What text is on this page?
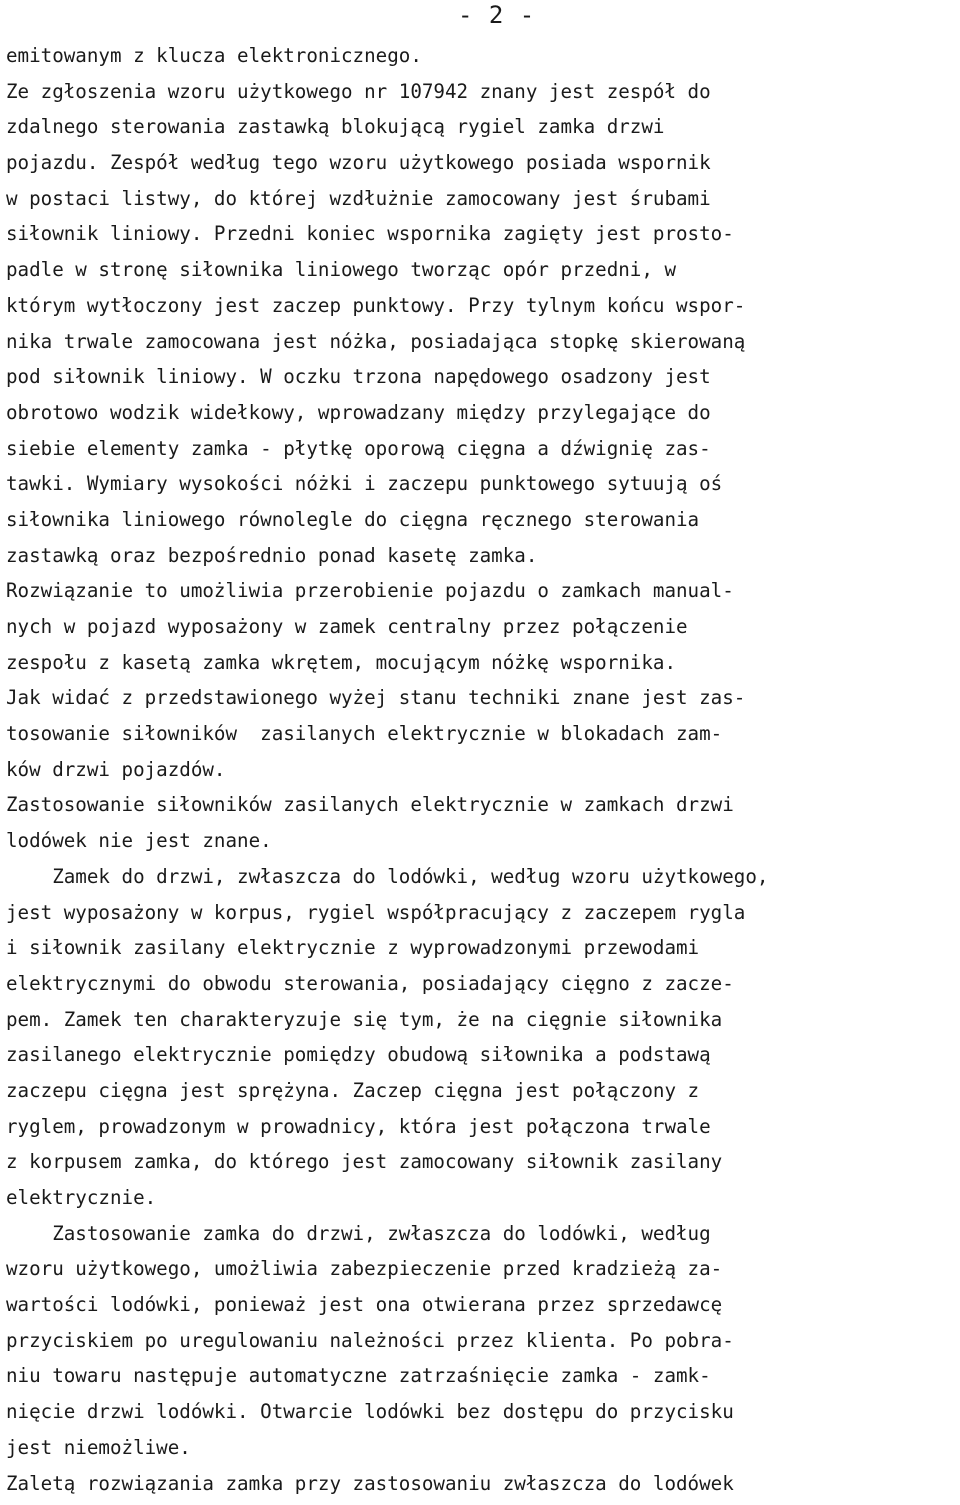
- 2 -
emitowanym z klucza elektronicznego.
Ze zgłoszenia wzoru użytkowego nr 107942 znany jest zespół do
zdalnego sterowania zastawką blokującą rygiel zamka drzwi
pojazdu. Zespół według tego wzoru użytkowego posiada wspornik
w postaci listwy, do której wzdłużnie zamocowany jest śrubami
siłownik liniowy. Przedni koniec wspornika zagięty jest prosto-
padle w stronę siłownika liniowego tworząc opór przedni, w
którym wytłoczony jest zaczep punktowy. Przy tylnym końcu wspor-
nika trwale zamocowana jest nóżka, posiadająca stopkę skierowaną
pod siłownik liniowy. W oczku trzona napędowego osadzony jest
obrotowo wodzik widełkowy, wprowadzany między przylegające do
siebie elementy zamka - płytkę oporową cięgna a dźwignię zas-
tawki. Wymiary wysokości nóżki i zaczepu punktowego sytuują oś
siłownika liniowego równolegle do cięgna ręcznego sterowania
zastawką oraz bezpośrednio ponad kasetę zamka.
Rozwiązanie to umożliwia przerobienie pojazdu o zamkach manual-
nych w pojazd wyposażony w zamek centralny przez połączenie
zespołu z kasetą zamka wkrętem, mocującym nóżkę wspornika.
Jak widać z przedstawionego wyżej stanu techniki znane jest zas-
tosowanie siłowników  zasilanych elektrycznie w blokadach zam-
ków drzwi pojazdów.
Zastosowanie siłowników zasilanych elektrycznie w zamkach drzwi
lodówek nie jest znane.
Zamek do drzwi, zwłaszcza do lodówki, według wzoru użytkowego,
jest wyposażony w korpus, rygiel współpracujący z zaczepem rygla
i siłownik zasilany elektrycznie z wyprowadzonymi przewodami
elektrycznymi do obwodu sterowania, posiadający cięgno z zacze-
pem. Zamek ten charakteryzuje się tym, że na cięgnie siłownika
zasilanego elektrycznie pomiędzy obudową siłownika a podstawą
zaczepu cięgna jest sprężyna. Zaczep cięgna jest połączony z
ryglem, prowadzonym w prowadnicy, która jest połączona trwale
z korpusem zamka, do którego jest zamocowany siłownik zasilany
elektrycznie.
Zastosowanie zamka do drzwi, zwłaszcza do lodówki, według
wzoru użytkowego, umożliwia zabezpieczenie przed kradzieżą za-
wartości lodówki, ponieważ jest ona otwierana przez sprzedawcę
przyciskiem po uregulowaniu należności przez klienta. Po pobra-
niu towaru następuje automatyczne zatrzaśnięcie zamka - zamk-
nięcie drzwi lodówki. Otwarcie lodówki bez dostępu do przycisku
jest niemożliwe.
Zaletą rozwiązania zamka przy zastosowaniu zwłaszcza do lodówek
